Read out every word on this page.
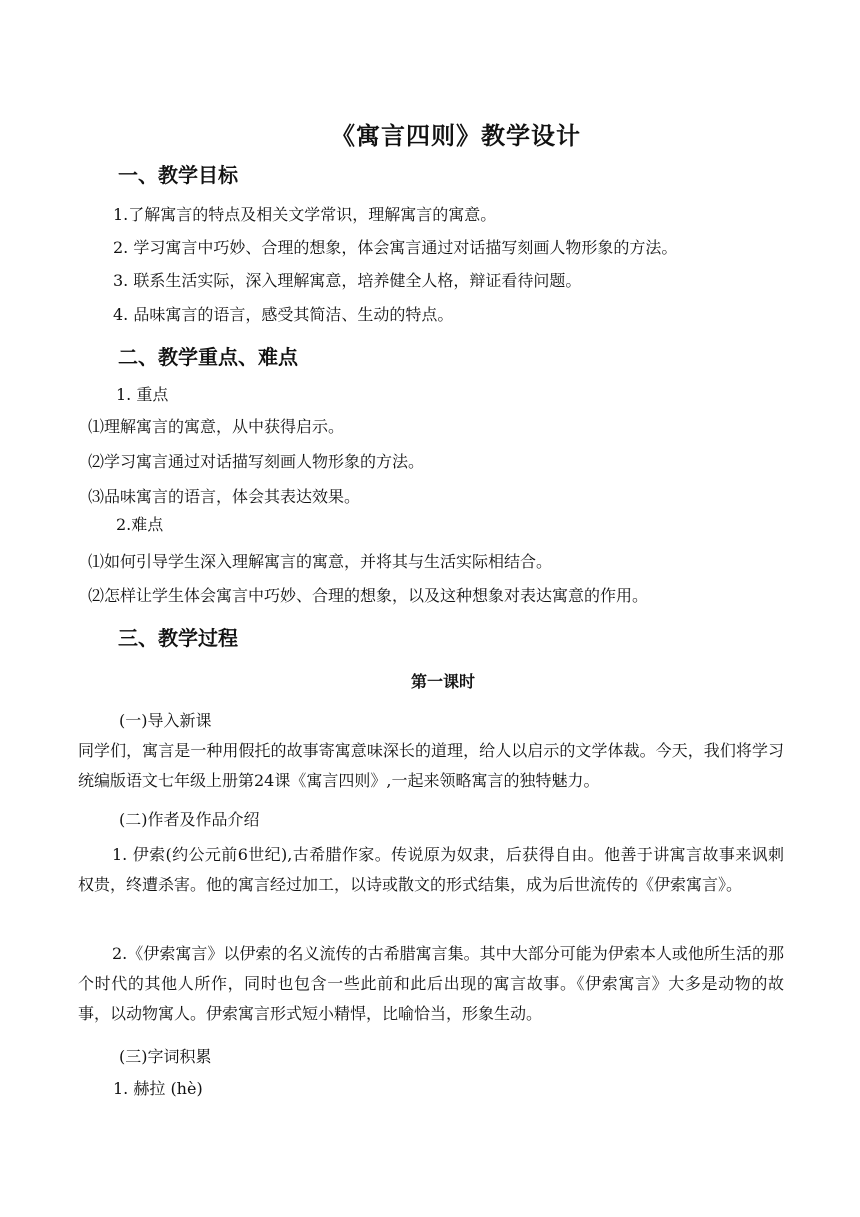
《寓言四则》教学设计
一、教学目标
1.了解寓言的特点及相关文学常识，理解寓言的寓意。
2. 学习寓言中巧妙、合理的想象，体会寓言通过对话描写刻画人物形象的方法。
3. 联系生活实际，深入理解寓意，培养健全人格，辩证看待问题。
4. 品味寓言的语言，感受其简洁、生动的特点。
二、教学重点、难点
1. 重点
⑴理解寓言的寓意，从中获得启示。
⑵学习寓言通过对话描写刻画人物形象的方法。
⑶品味寓言的语言，体会其表达效果。
2.难点
⑴如何引导学生深入理解寓言的寓意，并将其与生活实际相结合。
⑵怎样让学生体会寓言中巧妙、合理的想象，以及这种想象对表达寓意的作用。
三、教学过程
第一课时
(一)导入新课
同学们，寓言是一种用假托的故事寄寓意味深长的道理，给人以启示的文学体裁。今天，我们将学习统编版语文七年级上册第24课《寓言四则》,一起来领略寓言的独特魅力。
(二)作者及作品介绍
1. 伊索(约公元前6世纪),古希腊作家。传说原为奴隶，后获得自由。他善于讲寓言故事来讽刺权贵，终遭杀害。他的寓言经过加工，以诗或散文的形式结集，成为后世流传的《伊索寓言》。
2.《伊索寓言》以伊索的名义流传的古希腊寓言集。其中大部分可能为伊索本人或他所生活的那个时代的其他人所作，同时也包含一些此前和此后出现的寓言故事。《伊索寓言》大多是动物的故事，以动物寓人。伊索寓言形式短小精悍，比喻恰当，形象生动。
(三)字词积累
1. 赫拉 (hè)
